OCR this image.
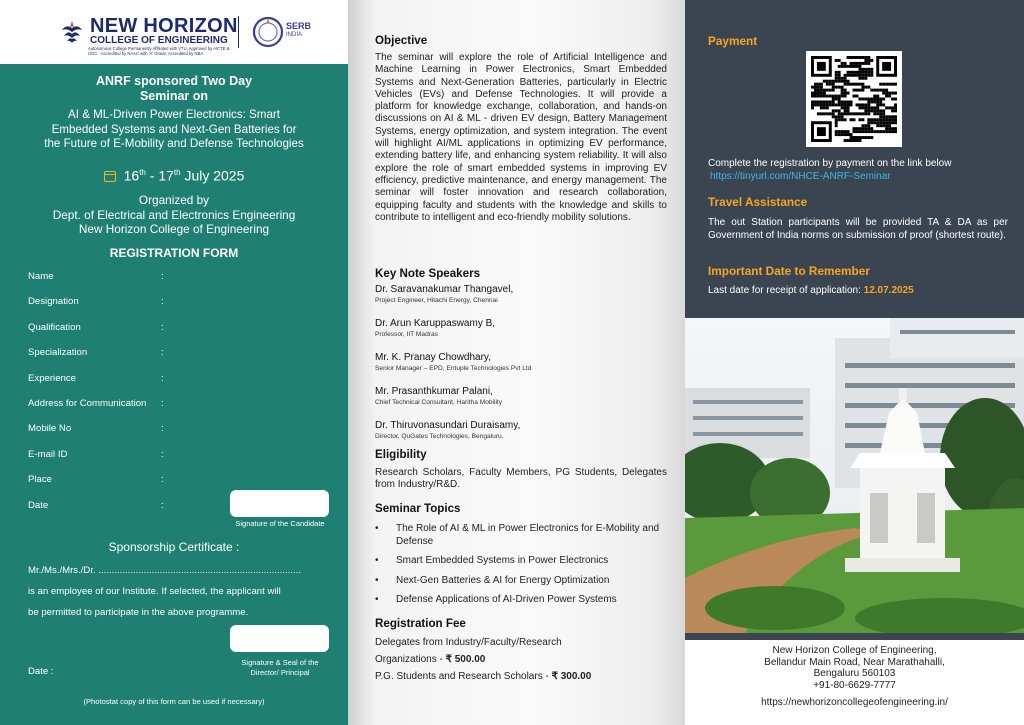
NEW HORIZON
COLLEGE OF ENGINEERING
Autonomous College Permanently Affiliated with VTU, Approved by AICTE & UGC · Accredited by NAAC with 'A' Grade, Accredited by NBA
SERB
INDIA
ANRF sponsored Two Day
Seminar on
AI & ML-Driven Power Electronics: Smart
Embedded Systems and Next-Gen Batteries for
the Future of E-Mobility and Defense Technologies
16th - 17th July 2025
Organized by
Dept. of Electrical and Electronics Engineering
New Horizon College of Engineering
REGISTRATION FORM
Name	:
Designation	:
Qualification	:
Specialization	:
Experience	:
Address for Communication :
Mobile No	:
E-mail ID	:
Place	:
Date	:
Signature of the Candidate
Sponsorship Certificate :
Mr./Ms./Mrs./Dr. ............................................................................
is an employee of our Institute. If selected, the applicant will
be permitted to participate in the above programme.
Signature & Seal of the
Director/ Principal
Date :
(Photostat copy of this form can be used if necessary)
Objective
The seminar will explore the role of Artificial Intelligence and Machine Learning in Power Electronics, Smart Embedded Systems and Next-Generation Batteries, particularly in Electric Vehicles (EVs) and Defense Technologies. It will provide a platform for knowledge exchange, collaboration, and hands-on discussions on AI & ML - driven EV design, Battery Management Systems, energy optimization, and system integration. The event will highlight AI/ML applications in optimizing EV performance, extending battery life, and enhancing system reliability. It will also explore the role of smart embedded systems in improving EV efficiency, predictive maintenance, and energy management. The seminar will foster innovation and research collaboration, equipping faculty and students with the knowledge and skills to contribute to intelligent and eco-friendly mobility solutions.
Key Note Speakers
Dr. Saravanakumar Thangavel,
Project Engineer, Hitachi Energy, Chennai
Dr. Arun Karuppaswamy B,
Professor, IIT Madras
Mr. K. Pranay Chowdhary,
Senior Manager – EPD, Entuple Technologies Pvt Ltd
Mr. Prasanthkumar Palani,
Chief Technical Consultant, Haritha Mobility
Dr. Thiruvonasundari Duraisamy,
Director, QuGates Technologies, Bengaluru.
Eligibility
Research Scholars, Faculty Members, PG Students, Delegates from Industry/R&D.
Seminar Topics
• The Role of AI & ML in Power Electronics for E-Mobility and Defense
• Smart Embedded Systems in Power Electronics
• Next-Gen Batteries & AI for Energy Optimization
• Defense Applications of AI-Driven Power Systems
Registration Fee
Delegates from Industry/Faculty/Research
Organizations - ₹ 500.00
P.G. Students and Research Scholars - ₹ 300.00
Payment
Complete the registration by payment on the link below
https://tinyurl.com/NHCE-ANRF-Seminar
Travel Assistance
The out Station participants will be provided TA & DA as per Government of India norms on submission of proof (shortest route).
Important Date to Remember
Last date for receipt of application: 12.07.2025
New Horizon College of Engineering,
Bellandur Main Road, Near Marathahalli,
Bengaluru 560103
+91-80-6629-7777
https://newhorizoncollegeofengineering.in/
